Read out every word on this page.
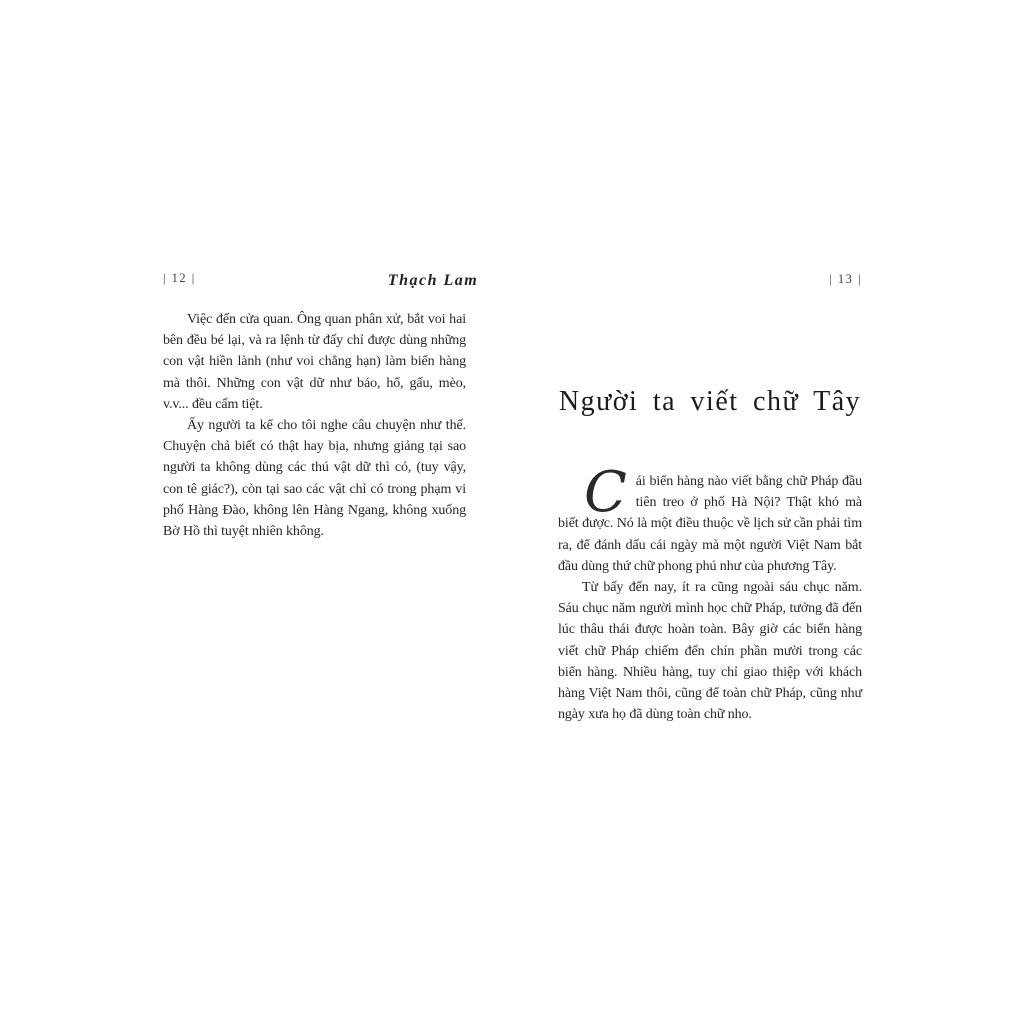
| 12 |	Thạch Lam

Việc đến cửa quan. Ông quan phân xử, bắt voi hai bên đều bé lại, và ra lệnh từ đấy chỉ được dùng những con vật hiền lành (như voi chẳng hạn) làm biển hàng mà thôi. Những con vật dữ như báo, hổ, gấu, mèo, v.v... đều cấm tiệt.

Ấy người ta kể cho tôi nghe câu chuyện như thế. Chuyện chả biết có thật hay bịa, nhưng giảng tại sao người ta không dùng các thú vật dữ thì có, (tuy vậy, con tê giác?), còn tại sao các vật chỉ có trong phạm vi phố Hàng Đào, không lên Hàng Ngang, không xuống Bờ Hồ thì tuyệt nhiên không.

| 13 |
Người ta viết chữ Tây

Cái biển hàng nào viết bằng chữ Pháp đầu tiên treo ở phố Hà Nội? Thật khó mà biết được. Nó là một điều thuộc về lịch sử cần phải tìm ra, để đánh dấu cái ngày mà một người Việt Nam bắt đầu dùng thứ chữ phong phú như của phương Tây.

Từ bấy đến nay, ít ra cũng ngoài sáu chục năm. Sáu chục năm người mình học chữ Pháp, tưởng đã đến lúc thâu thái được hoàn toàn. Bây giờ các biển hàng viết chữ Pháp chiếm đến chín phần mười trong các biển hàng. Nhiều hàng, tuy chỉ giao thiệp với khách hàng Việt Nam thôi, cũng để toàn chữ Pháp, cũng như ngày xưa họ đã dùng toàn chữ nho.
